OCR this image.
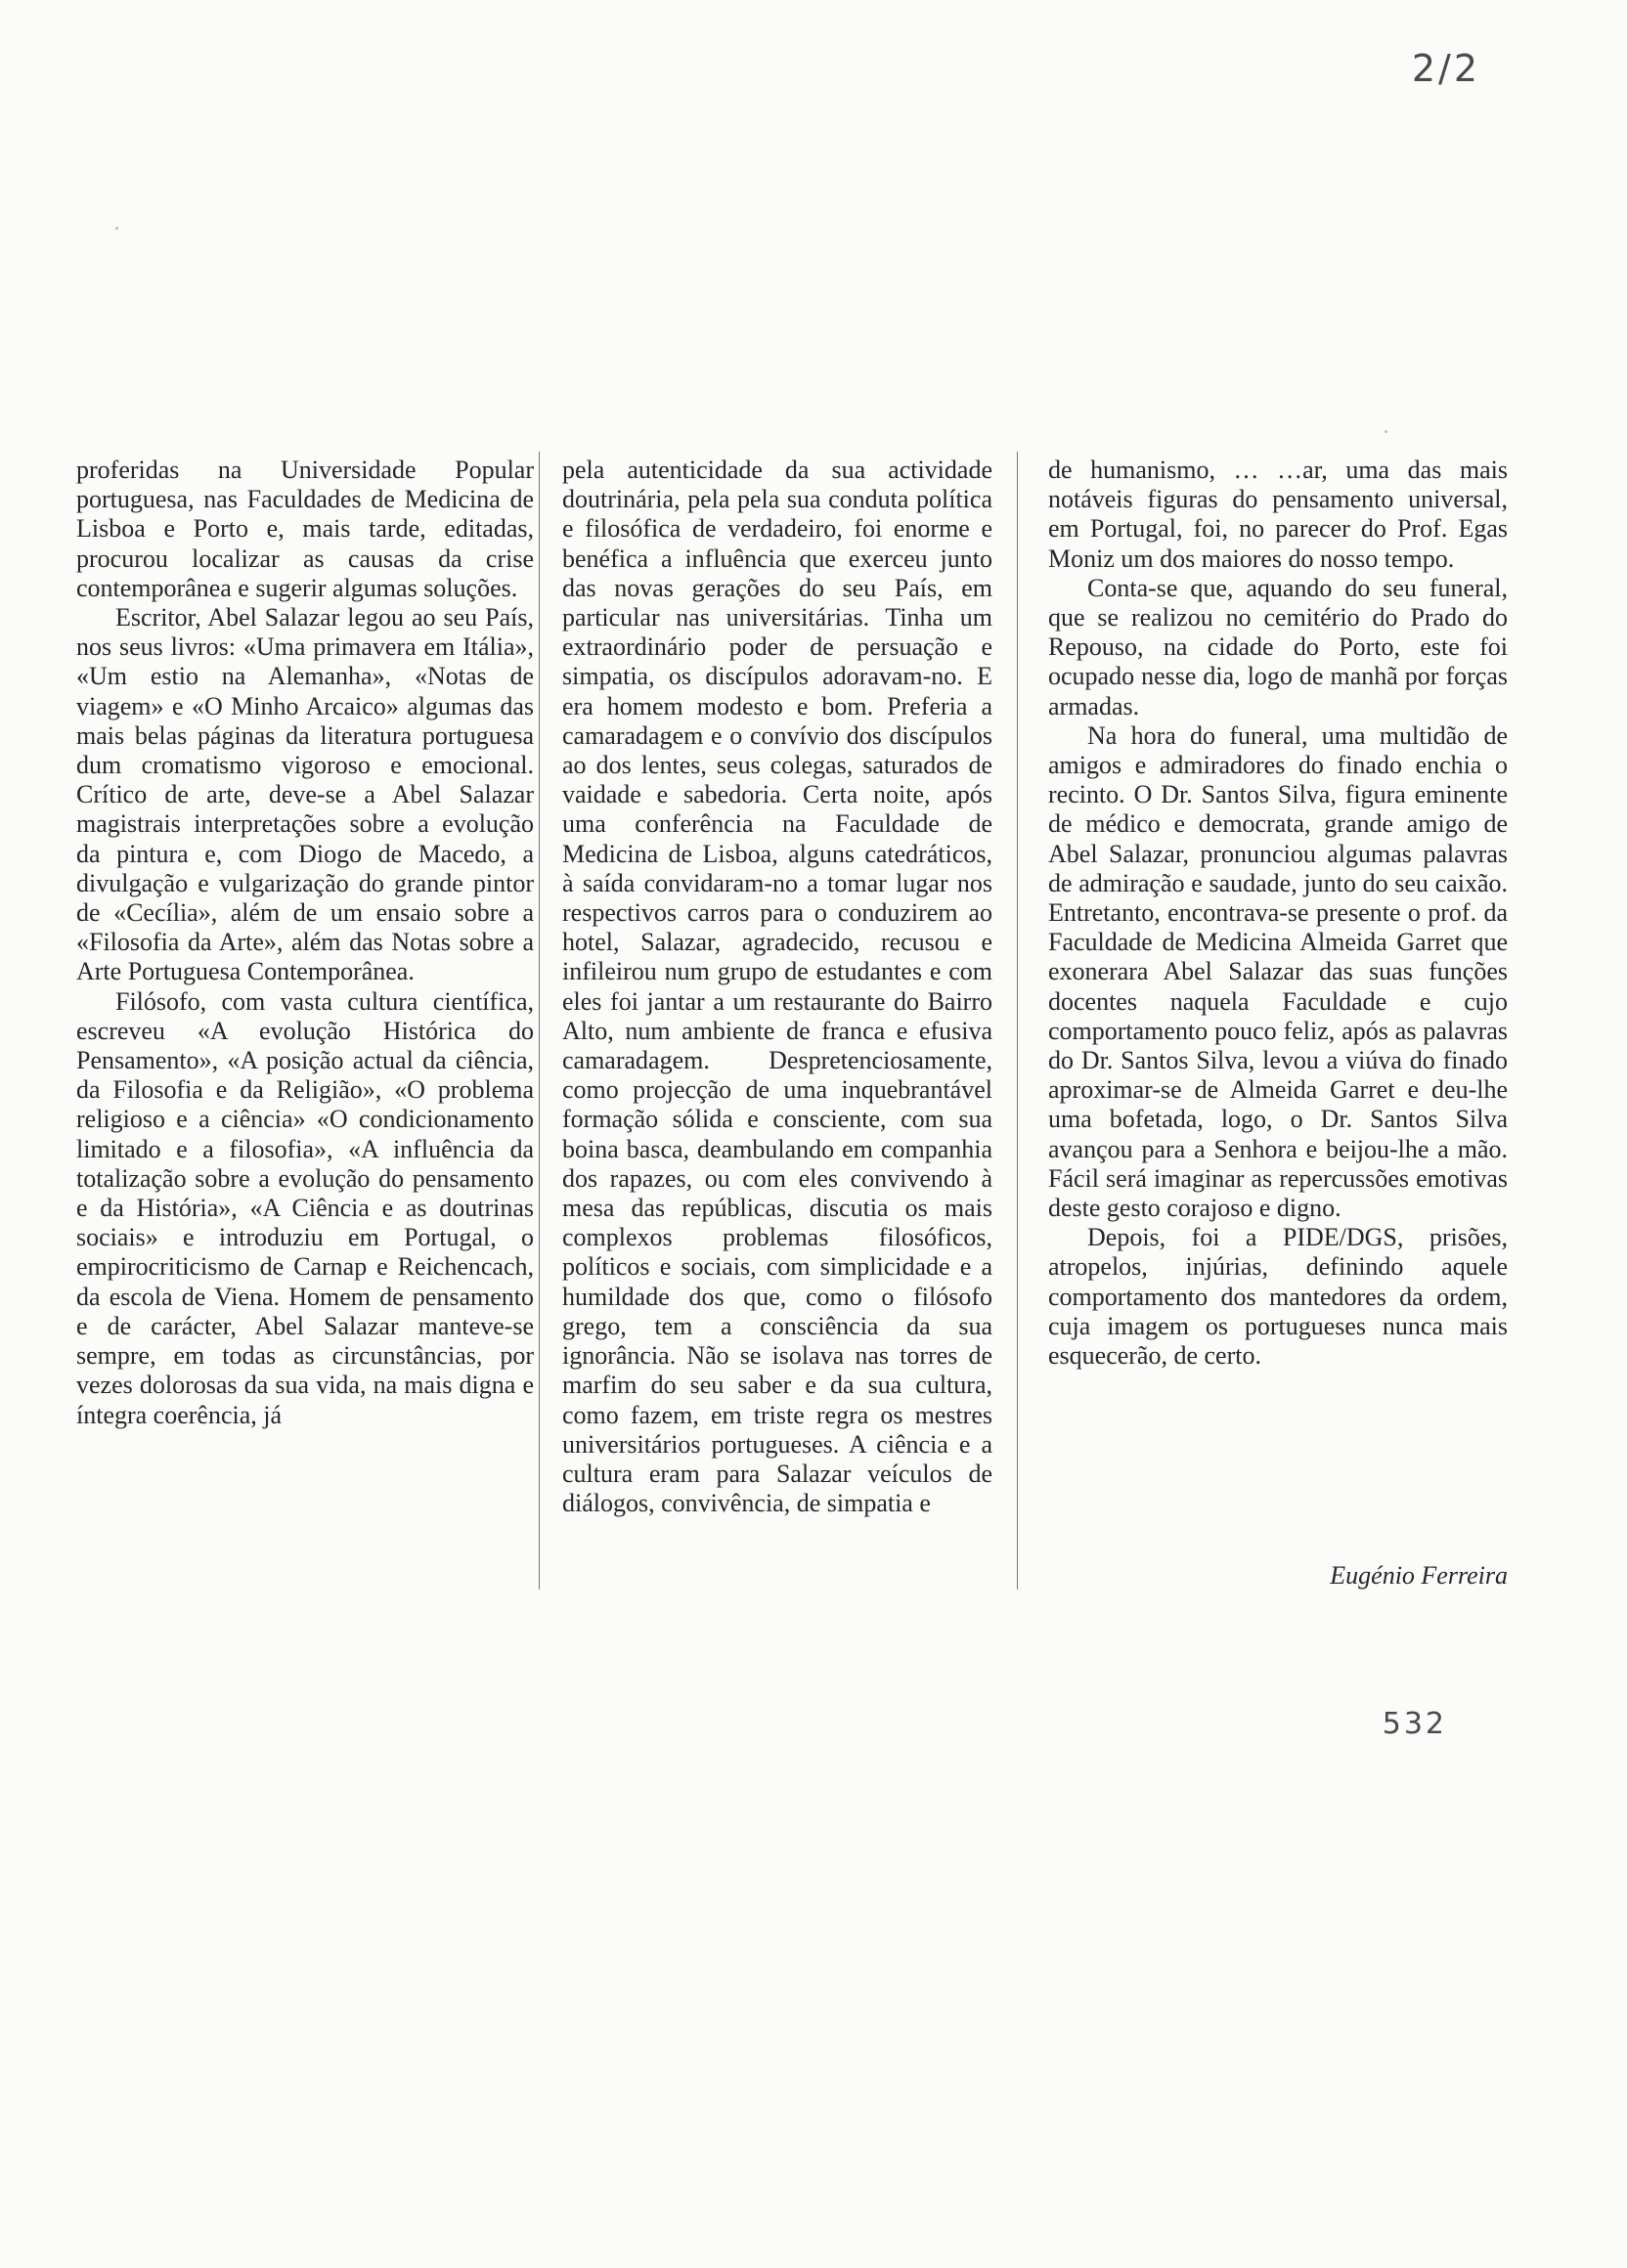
2/2

proferidas na Universidade Popular portuguesa, nas Faculdades de Medicina de Lisboa e Porto e, mais tarde, editadas, procurou localizar as causas da crise contemporânea e sugerir algumas soluções.

Escritor, Abel Salazar legou ao seu País, nos seus livros: «Uma primavera em Itália», «Um estio na Alemanha», «Notas de viagem» e «O Minho Arcaico» algumas das mais belas páginas da literatura portuguesa dum cromatismo vigoroso e emocional. Crítico de arte, deve-se a Abel Salazar magistrais interpretações sobre a evolução da pintura e, com Diogo de Macedo, a divulgação e vulgarização do grande pintor de «Cecília», além de um ensaio sobre a «Filosofia da Arte», além das Notas sobre a Arte Portuguesa Contemporânea.

Filósofo, com vasta cultura científica, escreveu «A evolução Histórica do Pensamento», «A posição actual da ciência, da Filosofia e da Religião», «O problema religioso e a ciência» «O condicionamento limitado e a filosofia», «A influência da totalização sobre a evolução do pensamento e da História», «A Ciência e as doutrinas sociais» e introduziu em Portugal, o empirocriticismo de Carnap e Reichencach, da escola de Viena. Homem de pensamento e de carácter, Abel Salazar manteve-se sempre, em todas as circunstâncias, por vezes dolorosas da sua vida, na mais digna e íntegra coerência, já

pela autenticidade da sua actividade doutrinária, pela pela sua conduta política e filosófica de verdadeiro, foi enorme e benéfica a influência que exerceu junto das novas gerações do seu País, em particular nas universitárias. Tinha um extraordinário poder de persuação e simpatia, os discípulos adoravam-no. E era homem modesto e bom. Preferia a camaradagem e o convívio dos discípulos ao dos lentes, seus colegas, saturados de vaidade e sabedoria. Certa noite, após uma conferência na Faculdade de Medicina de Lisboa, alguns catedráticos, à saída convidaram-no a tomar lugar nos respectivos carros para o conduzirem ao hotel, Salazar, agradecido, recusou e infileirou num grupo de estudantes e com eles foi jantar a um restaurante do Bairro Alto, num ambiente de franca e efusiva camaradagem. Despretenciosamente, como projecção de uma inquebrantável formação sólida e consciente, com sua boina basca, deambulando em companhia dos rapazes, ou com eles convivendo à mesa das repúblicas, discutia os mais complexos problemas filosóficos, políticos e sociais, com simplicidade e a humildade dos que, como o filósofo grego, tem a consciência da sua ignorância. Não se isolava nas torres de marfim do seu saber e da sua cultura, como fazem, em triste regra os mestres universitários portugueses. A ciência e a cultura eram para Salazar veículos de diálogos, convivência, de simpatia e

de humanismo, … …ar, uma das mais notáveis figuras do pensamento universal, em Portugal, foi, no parecer do Prof. Egas Moniz um dos maiores do nosso tempo.

Conta-se que, aquando do seu funeral, que se realizou no cemitério do Prado do Repouso, na cidade do Porto, este foi ocupado nesse dia, logo de manhã por forças armadas.

Na hora do funeral, uma multidão de amigos e admiradores do finado enchia o recinto. O Dr. Santos Silva, figura eminente de médico e democrata, grande amigo de Abel Salazar, pronunciou algumas palavras de admiração e saudade, junto do seu caixão. Entretanto, encontrava-se presente o prof. da Faculdade de Medicina Almeida Garret que exonerara Abel Salazar das suas funções docentes naquela Faculdade e cujo comportamento pouco feliz, após as palavras do Dr. Santos Silva, levou a viúva do finado aproximar-se de Almeida Garret e deu-lhe uma bofetada, logo, o Dr. Santos Silva avançou para a Senhora e beijou-lhe a mão. Fácil será imaginar as repercussões emotivas deste gesto corajoso e digno.

Depois, foi a PIDE/DGS, prisões, atropelos, injúrias, definindo aquele comportamento dos mantedores da ordem, cuja imagem os portugueses nunca mais esquecerão, de certo.

Eugénio Ferreira
532
